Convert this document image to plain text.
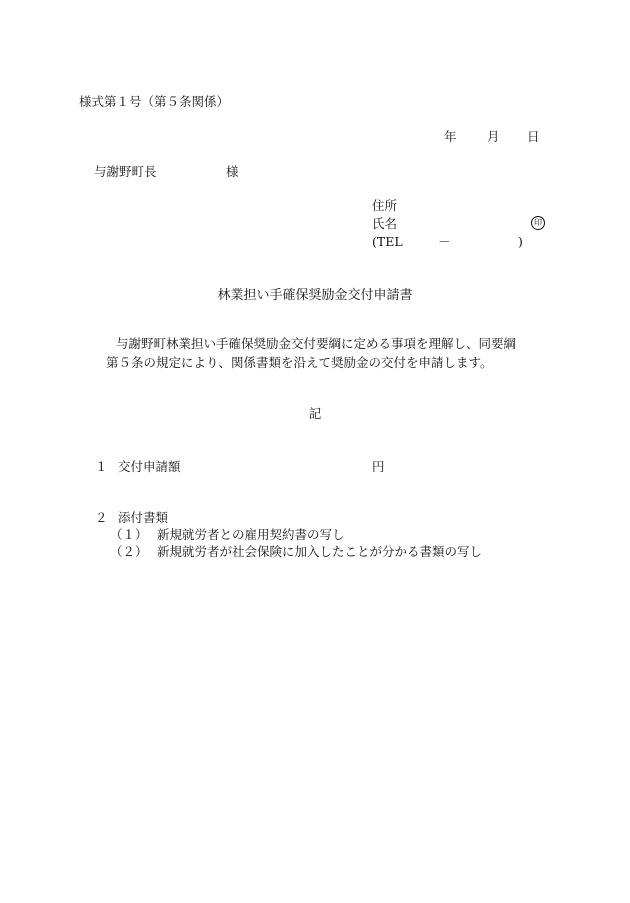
様式第１号（第５条関係）
年 月 日
与謝野町長	様
住所
氏名	印
(TEL	－	)
林業担い手確保奨励金交付申請書
与謝野町林業担い手確保奨励金交付要綱に定める事項を理解し、同要綱
第５条の規定により、関係書類を沿えて奨励金の交付を申請します。
記
１ 交付申請額	円
２ 添付書類
（１） 新規就労者との雇用契約書の写し
（２） 新規就労者が社会保険に加入したことが分かる書類の写し
